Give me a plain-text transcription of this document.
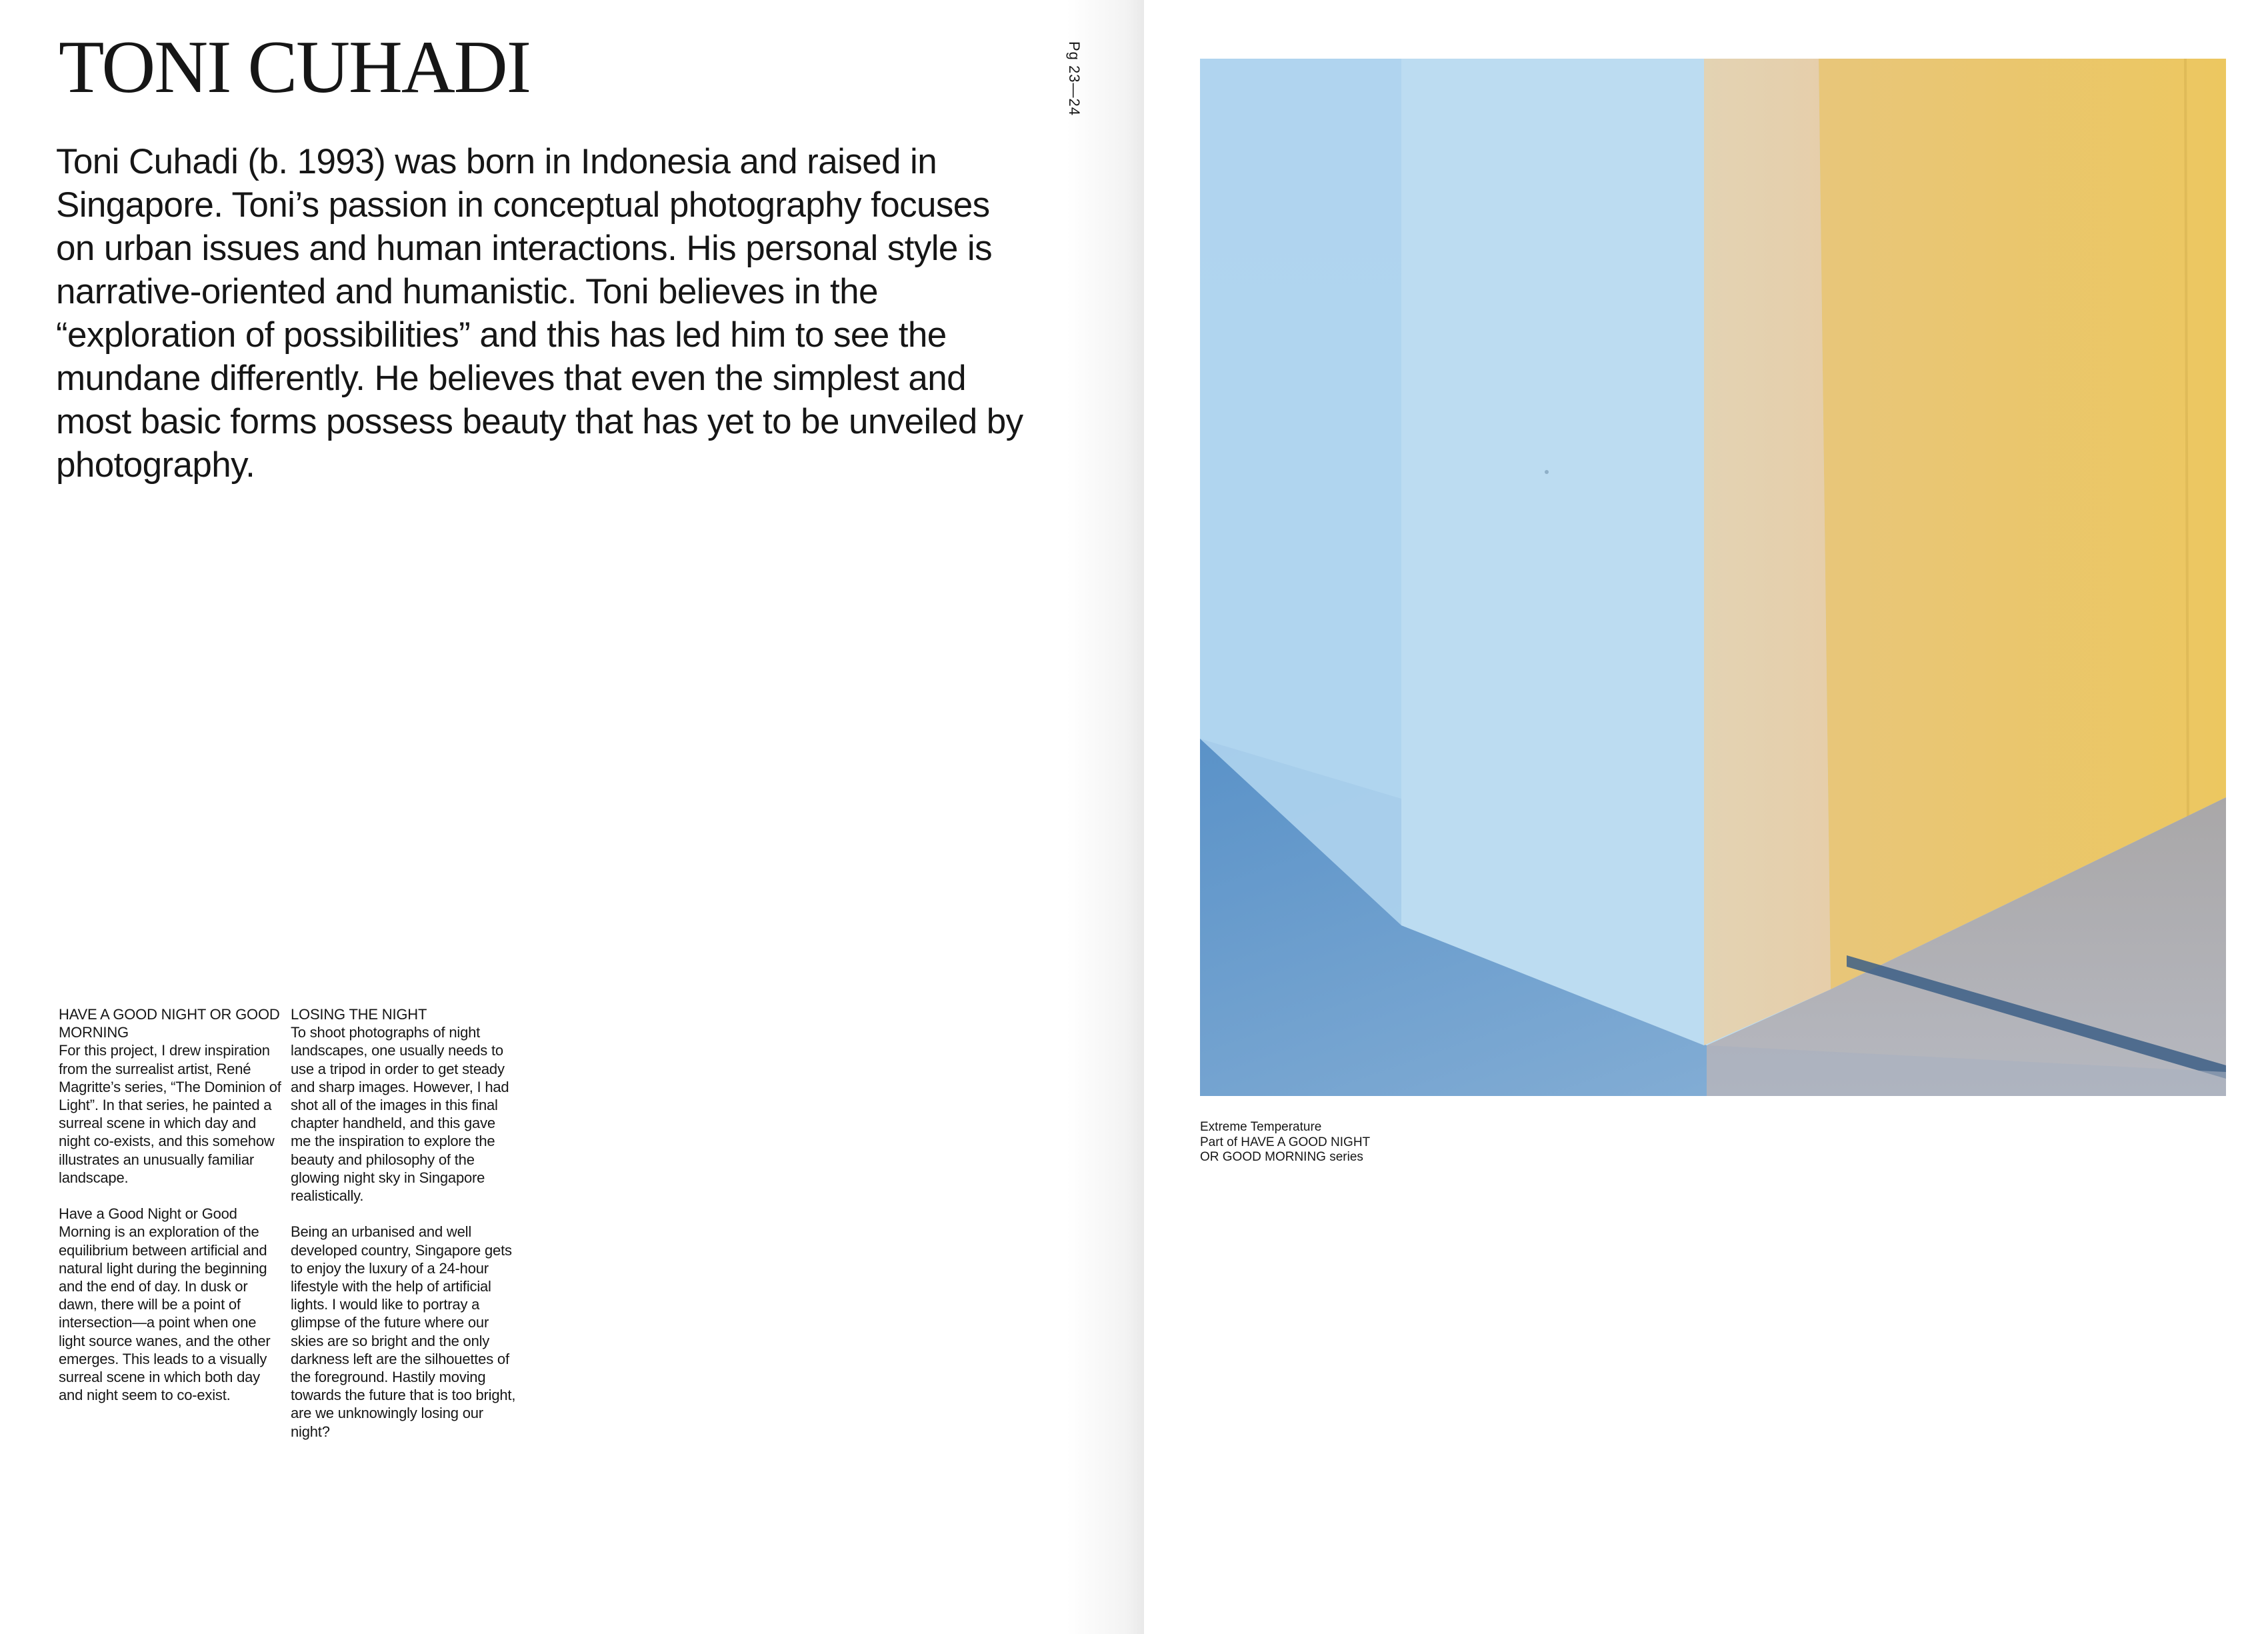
TONI CUHADI	Pg 23—24

Toni Cuhadi (b. 1993) was born in Indonesia and raised in Singapore. Toni’s passion in conceptual photography focuses on urban issues and human interactions. His personal style is narrative-oriented and humanistic. Toni believes in the “exploration of possibilities” and this has led him to see the mundane differently. He believes that even the simplest and most basic forms possess beauty that has yet to be unveiled by photography.

HAVE A GOOD NIGHT OR GOOD MORNING

For this project, I drew inspiration from the surrealist artist, René Magritte’s series, “The Dominion of Light”. In that series, he painted a surreal scene in which day and night co-exists, and this somehow illustrates an unusually familiar landscape.

Have a Good Night or Good Morning is an exploration of the equilibrium between artificial and natural light during the beginning and the end of day. In dusk or dawn, there will be a point of intersection—a point when one light source wanes, and the other emerges. This leads to a visually surreal scene in which both day and night seem to co-exist.

LOSING THE NIGHT

To shoot photographs of night landscapes, one usually needs to use a tripod in order to get steady and sharp images. However, I had shot all of the images in this final chapter handheld, and this gave me the inspiration to explore the beauty and philosophy of the glowing night sky in Singapore realistically.

Being an urbanised and well developed country, Singapore gets to enjoy the luxury of a 24-hour lifestyle with the help of artificial lights. I would like to portray a glimpse of the future where our skies are so bright and the only darkness left are the silhouettes of the foreground. Hastily moving towards the future that is too bright, are we unknowingly losing our night?

Extreme Temperature
Part of HAVE A GOOD NIGHT
OR GOOD MORNING series
